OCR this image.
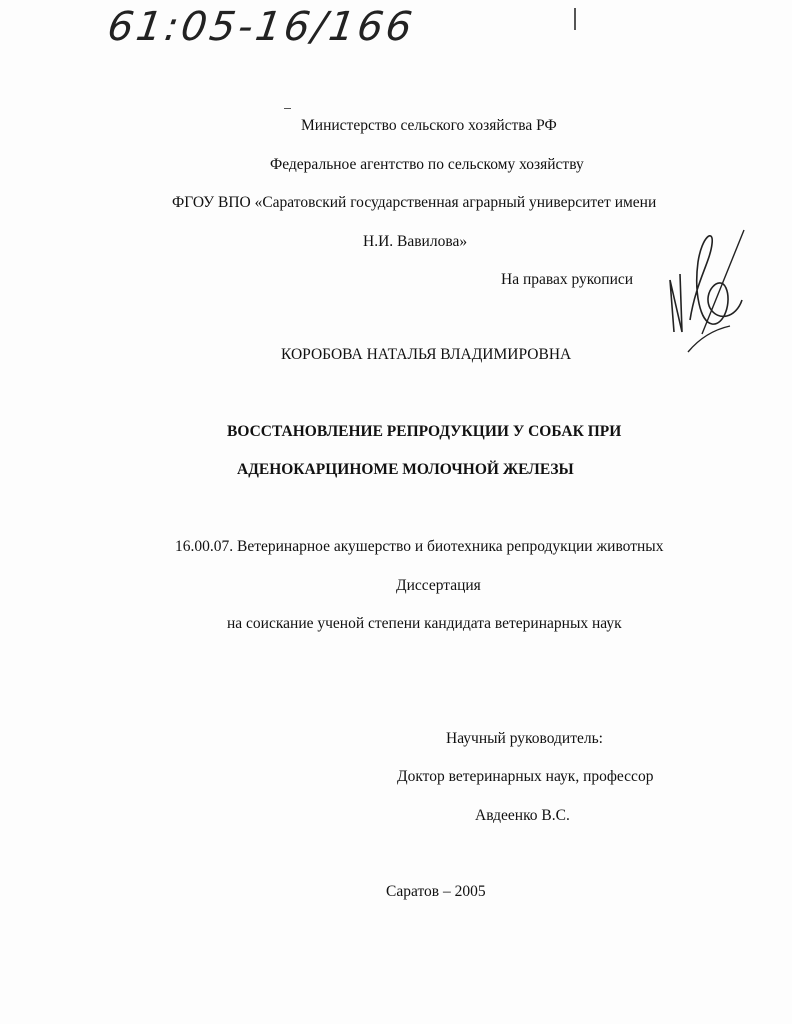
61:05-16/166
Министерство сельского хозяйства РФ
Федеральное агентство по сельскому хозяйству
ФГОУ ВПО «Саратовский государственная аграрный университет имени
Н.И. Вавилова»
На правах рукописи
КОРОБОВА НАТАЛЬЯ ВЛАДИМИРОВНА
ВОССТАНОВЛЕНИЕ РЕПРОДУКЦИИ У СОБАК ПРИ
АДЕНОКАРЦИНОМЕ МОЛОЧНОЙ ЖЕЛЕЗЫ
16.00.07. Ветеринарное акушерство и биотехника репродукции животных
Диссертация
на соискание ученой степени кандидата ветеринарных наук
Научный руководитель:
Доктор ветеринарных наук, профессор
Авдеенко В.С.
Саратов – 2005
